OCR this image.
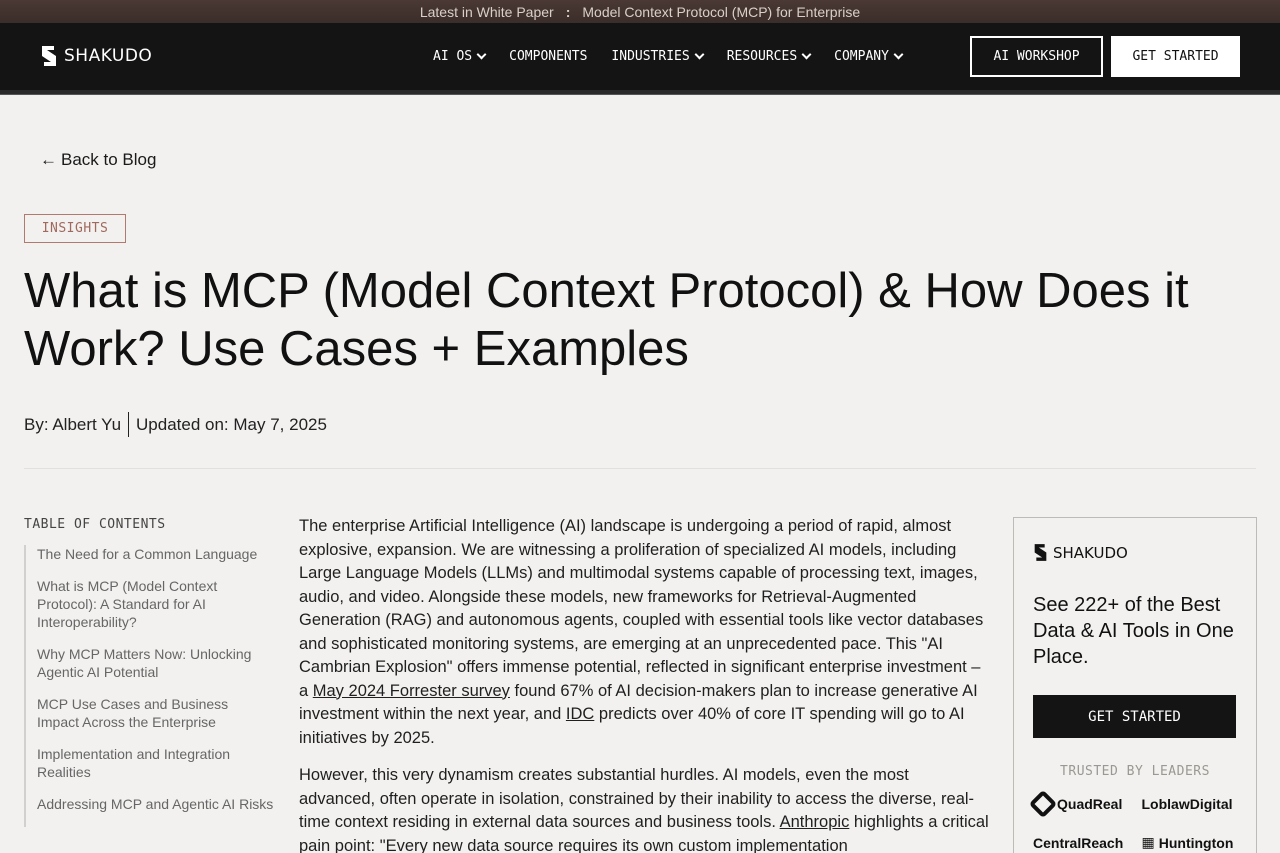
Latest in White Paper : Model Context Protocol (MCP) for Enterprise
SHAKUDO	AI OS	COMPONENTS INDUSTRIES	RESOURCES	COMPANY	AI WORKSHOP	GET STARTED
← Back to Blog
INSIGHTS
What is MCP (Model Context Protocol) & How Does it Work? Use Cases + Examples
By: Albert Yu Updated on: May 7, 2025
TABLE OF CONTENTS
The Need for a Common Language
What is MCP (Model Context Protocol): A Standard for AI Interoperability?
Why MCP Matters Now: Unlocking Agentic AI Potential
MCP Use Cases and Business Impact Across the Enterprise
Implementation and Integration Realities
Addressing MCP and Agentic AI Risks

The enterprise Artificial Intelligence (AI) landscape is undergoing a period of rapid, almost explosive, expansion. We are witnessing a proliferation of specialized AI models, including Large Language Models (LLMs) and multimodal systems capable of processing text, images, audio, and video. Alongside these models, new frameworks for Retrieval-Augmented Generation (RAG) and autonomous agents, coupled with essential tools like vector databases and sophisticated monitoring systems, are emerging at an unprecedented pace. This "AI Cambrian Explosion" offers immense potential, reflected in significant enterprise investment – a May 2024 Forrester survey found 67% of AI decision-makers plan to increase generative AI investment within the next year, and IDC predicts over 40% of core IT spending will go to AI initiatives by 2025.

However, this very dynamism creates substantial hurdles. AI models, even the most advanced, often operate in isolation, constrained by their inability to access the diverse, real-time context residing in external data sources and business tools. Anthropic highlights a critical pain point: "Every new data source requires its own custom implementation

SHAKUDO
See 222+ of the Best Data & AI Tools in One Place.
GET STARTED
TRUSTED BY LEADERS
QuadReal LoblawDigital
CentralReach ▦ Huntington
